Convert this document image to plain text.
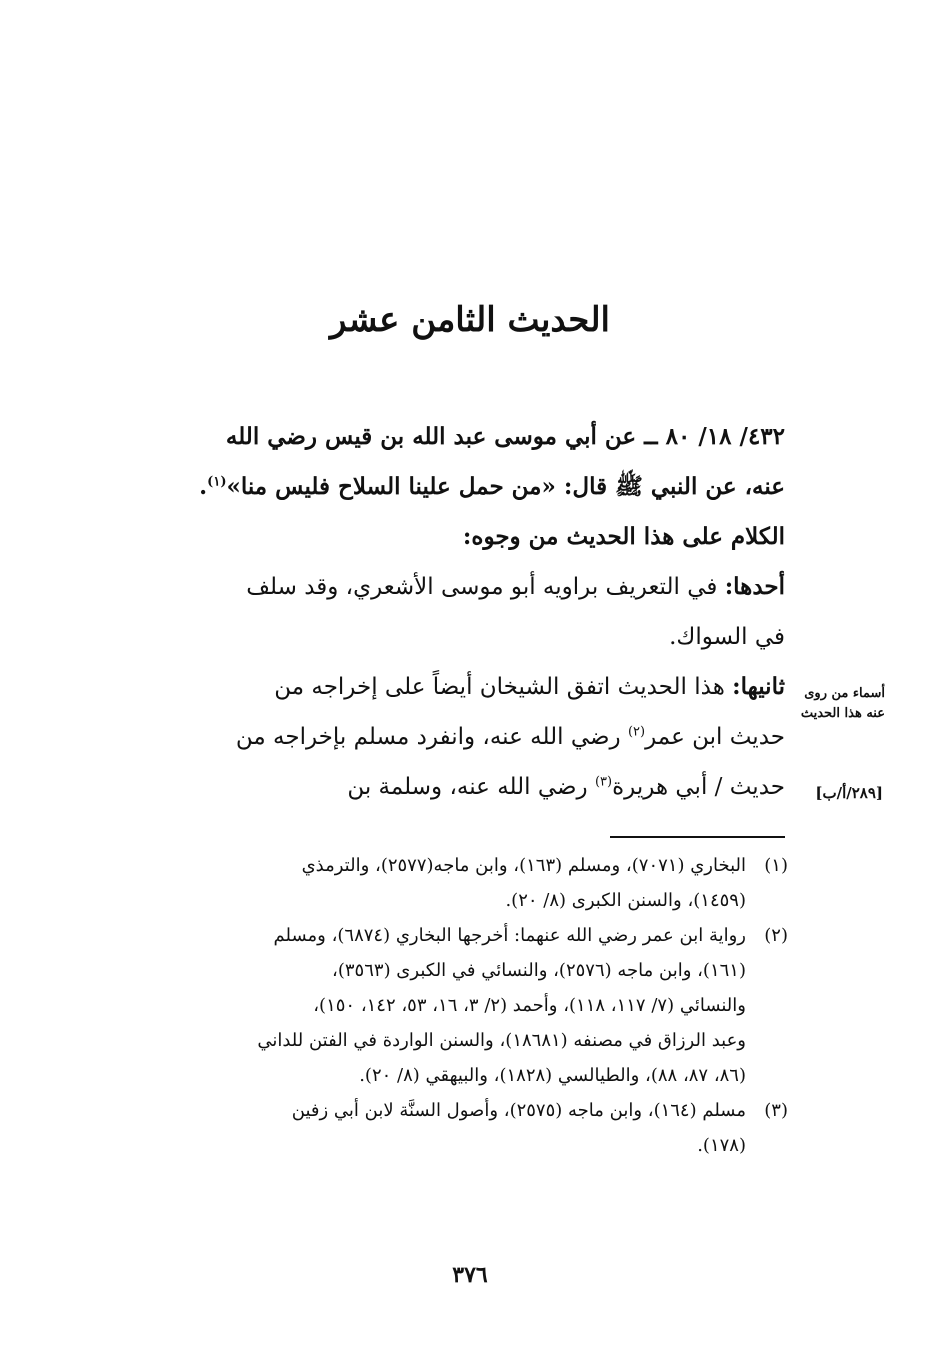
الحديث الثامن عشر
٤٣٢/ ١٨/ ٨٠ ــ عن أبي موسى عبد الله بن قيس رضي الله
عنه، عن النبي ﷺ قال: «من حمل علينا السلاح فليس منا»$^{(١)}$.
الكلام على هذا الحديث من وجوه:
أحدها: في التعريف براويه أبو موسى الأشعري، وقد سلف
في السواك.
ثانيها: هذا الحديث اتفق الشيخان أيضاً على إخراجه من
حديث ابن عمر$^{(٢)}$ رضي الله عنه، وانفرد مسلم بإخراجه من
حديث / أبي هريرة$^{(٣)}$ رضي الله عنه، وسلمة بن
أسماء من روى
عنه هذا الحديث
[٢٨٩/أ/ب]
(١)
البخاري (٧٠٧١)، ومسلم (١٦٣)، وابن ماجه(٢٥٧٧)، والترمذي
(١٤٥٩)، والسنن الكبرى (٨/ ٢٠).
(٢)
رواية ابن عمر رضي الله عنهما: أخرجها البخاري (٦٨٧٤)، ومسلم
(١٦١)، وابن ماجه (٢٥٧٦)، والنسائي في الكبرى (٣٥٦٣)،
والنسائي (٧/ ١١٧، ١١٨)، وأحمد (٢/ ٣، ١٦، ٥٣، ١٤٢، ١٥٠)،
وعبد الرزاق في مصنفه (١٨٦٨١)، والسنن الواردة في الفتن للداني
(٨٦، ٨٧، ٨٨)، والطيالسي (١٨٢٨)، والبيهقي (٨/ ٢٠).
(٣)
مسلم (١٦٤)، وابن ماجه (٢٥٧٥)، وأصول السنَّة لابن أبي زفين
(١٧٨).
٣٧٦
